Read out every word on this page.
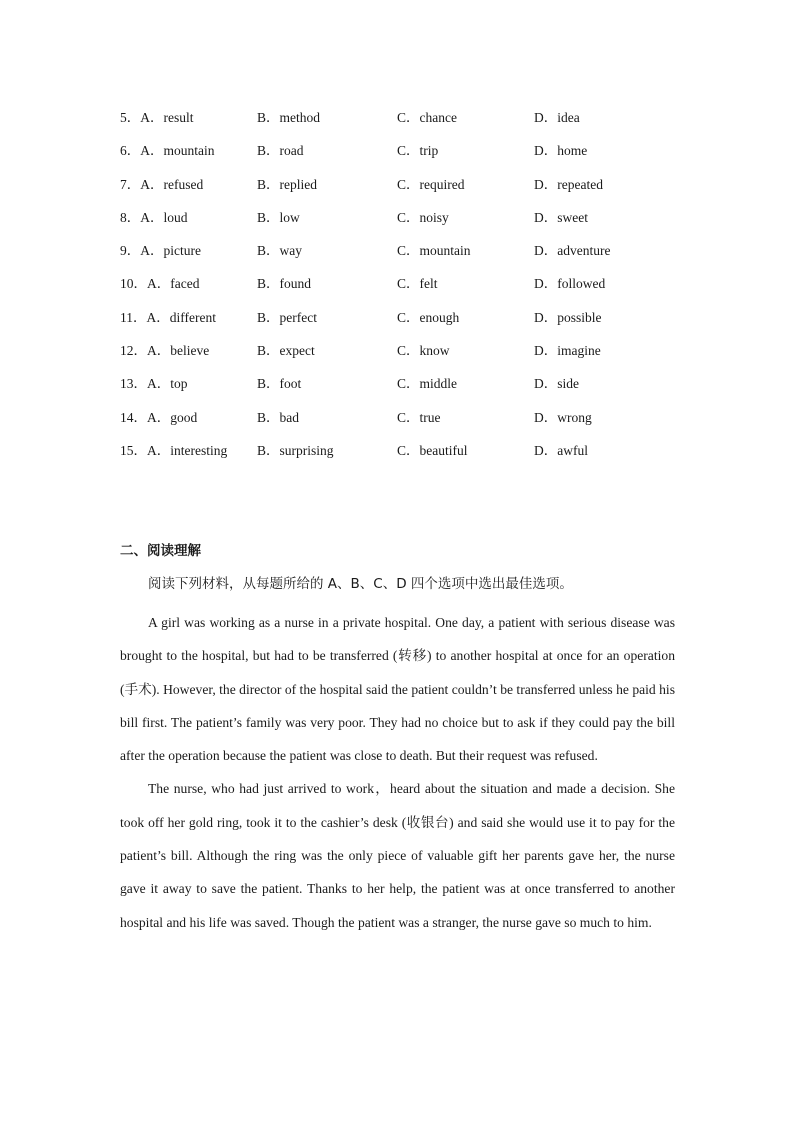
5．A．result	B．method	C．chance	D．idea
6．A．mountain	B．road	C．trip	D．home
7．A．refused	B．replied	C．required	D．repeated
8．A．loud	B．low	C．noisy	D．sweet
9．A．picture	B．way	C．mountain	D．adventure
10．A．faced	B．found	C．felt	D．followed
11．A．different	B．perfect	C．enough	D．possible
12．A．believe	B．expect	C．know	D．imagine
13．A．top	B．foot	C．middle	D．side
14．A．good	B．bad	C．true	D．wrong
15．A．interesting B．surprising	C．beautiful	D．awful
二、阅读理解
阅读下列材料，从每题所给的 A、B、C、D 四个选项中选出最佳选项。

A girl was working as a nurse in a private hospital. One day, a patient with serious disease was brought to the hospital, but had to be transferred (转移) to another hospital at once for an operation (手术). However, the director of the hospital said the patient couldn’t be transferred unless he paid his bill first. The patient’s family was very poor. They had no choice but to ask if they could pay the bill after the operation because the patient was close to death. But their request was refused.

The nurse, who had just arrived to work，heard about the situation and made a decision. She took off her gold ring, took it to the cashier’s desk (收银台) and said she would use it to pay for the patient’s bill. Although the ring was the only piece of valuable gift her parents gave her, the nurse gave it away to save the patient. Thanks to her help, the patient was at once transferred to another hospital and his life was saved. Though the patient was a stranger, the nurse gave so much to him.
